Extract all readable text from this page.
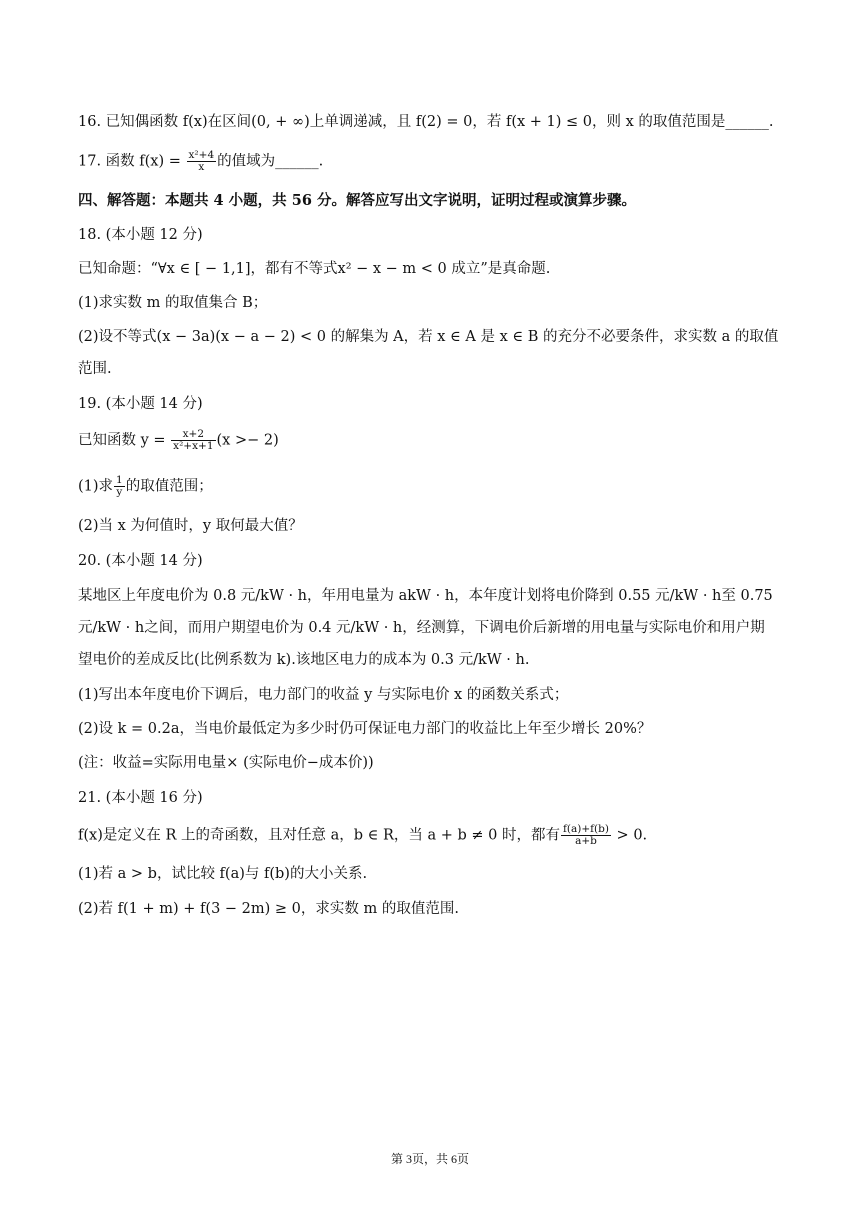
16. 已知偶函数 f(x)在区间(0, + ∞)上单调递减，且 f(2) = 0，若 f(x + 1) ≤ 0，则 x 的取值范围是______.
17. 函数 $f(x) = \frac{\text{x²+4}}{x}$ 的值域为______.
四、解答题：本题共 4 小题，共 56 分。解答应写出文字说明，证明过程或演算步骤。
18. (本小题 12 分)
已知命题：“∀x ∈ [ − 1,1]，都有不等式x² − x − m < 0 成立”是真命题.
(1)求实数 m 的取值集合 B；
(2)设不等式(x − 3a)(x − a − 2) < 0 的解集为 A，若 x ∈ A 是 x ∈ B 的充分不必要条件，求实数 a 的取值
范围.
19. (本小题 14 分)
已知函数 $y = \frac{x+2}{\text{x²+x+1}} (x >- 2)$
(1)求 $\frac{1}{y}$ 的取值范围；
(2)当 x 为何值时，y 取何最大值？
20. (本小题 14 分)
某地区上年度电价为 0.8 元/kW · h，年用电量为 akW · h，本年度计划将电价降到 0.55 元/kW · h至 0.75
元/kW · h之间，而用户期望电价为 0.4 元/kW · h，经测算，下调电价后新增的用电量与实际电价和用户期
望电价的差成反比(比例系数为 k).该地区电力的成本为 0.3 元/kW · h.
(1)写出本年度电价下调后，电力部门的收益 y 与实际电价 x 的函数关系式；
(2)设 k = 0.2a，当电价最低定为多少时仍可保证电力部门的收益比上年至少增长 20%？
(注：收益=实际用电量× (实际电价−成本价))
21. (本小题 16 分)
f(x)是定义在 R 上的奇函数，且对任意 a，b ∈ R，当 a + b ≠ 0 时，都有 $\frac{f(a)+f(b)}{a+b} > 0$.
(1)若 a > b，试比较 f(a)与 f(b)的大小关系.
(2)若 f(1 + m) + f(3 − 2m) ≥ 0，求实数 m 的取值范围.
第 3页，共 6页
